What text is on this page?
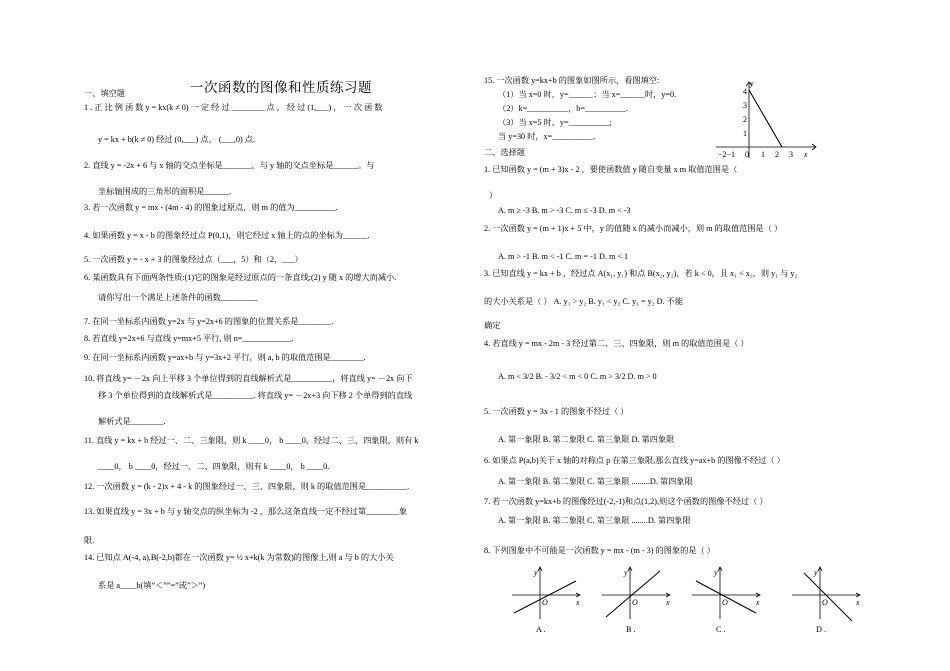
一次函数的图像和性质练习题
一、填空题
1 . 正 比 例 函 数 y = kx(k ≠ 0) 一 定 经 过 ________ 点 ， 经 过 (1,___) ， 一 次 函 数
y = kx + b(k ≠ 0) 经过 (0,___) 点， (___,0) 点.
2. 直线 y = -2x + 6 与 x 轴的交点坐标是_______，与 y 轴的交点坐标是______。与
坐标轴围成的三角形的面积是______.
3. 若一次函数 y = mx - (4m - 4) 的图象过原点，则 m 的值为__________.
4. 如果函数 y = x - b 的图象经过点 P(0,1)，则它经过 x 轴上的点的坐标为______.
5. 一次函数 y = - x + 3 的图象经过点（___，5）和（2，___）
6. 某函数具有下面两条性质:(1)它的图象是经过原点的一条直线;(2) y 随 x 的增大而减小.
请你写出一个满足上述条件的函数_________
7. 在同一坐标系内函数 y=2x 与 y=2x+6 的图象的位置关系是________.
8. 若直线 y=2x+6 与直线 y=mx+5 平行, 则 n=____________.
9. 在同一坐标系内函数 y=ax+b 与 y=3x+2 平行，则 a, b 的取值范围是________.
10. 将直线 y= －2x 向上平移 3 个单位得到的直线解析式是__________，将直线 y= －2x 向下
移 3 个单位得到的直线解析式是__________. 将直线 y= －2x+3 向下移 2 个单得到的直线
解析式是________.
11. 直线 y = kx + b 经过一、二、三象限，则 k ____0， b ____0，经过二、三、四象限，则有 k
____0， b ____0，经过一、二、四象限，则有 k ____0， b ____0.
12. 一次函数 y = (k - 2)x + 4 - k 的图象经过一、三、四象限，则 k 的取值范围是__________.
13. 如果直线 y = 3x + b 与 y 轴交点的纵坐标为 -2 ，那么这条直线一定不经过第________象
限.
14. 已知点 A(-4, a),B(-2,b)都在一次函数 y= ½ x+k(k 为常数)的图像上,则 a 与 b 的大小关
系是 a____b(填”＜””=”或”＞”)
15. 一次函数 y=kx+b 的图象如图所示，看图填空:
（1）当 x=0 时，y=______；当 x=______时，y=0.
（2）k=__________，b=__________.
（3）当 x=5 时，y=__________;
当 y=30 时，x=__________.
二、选择题
1. 已知函数 y = (m + 3)x - 2 ，要使函数值 y 随自变量 x m 取值范围是（
）
A. m ≥ -3 B. m > -3 C. m ≤ -3 D. m < -3
2. 一次函数 y = (m + 1)x + 5 中，y 的值随 x 的减小而减小，则 m 的取值范围是（ ）
A. m > -1 B. m < -1 C. m = -1 D. m < 1
3. 已知直线 y = kx + b ，经过点 A(x₁, y₁) 和点 B(x₂, y₂)，若 k < 0，且 x₁ < x₂，则 y₁ 与 y₂
的大小关系是（ ） A. y₁ > y₂ B. y₁ < y₂ C. y₁ = y₂ D. 不能
确定
4. 若直线 y = mx - 2m - 3 经过第二、三、四象限，则 m 的取值范围是（ ）
A. m < 3/2 B. - 3/2 < m < 0 C. m > 3/2 D. m > 0
5. 一次函数 y = 3x - 1 的图象不经过（ ）
A. 第一象限 B. 第二象限 C. 第三象限 D. 第四象限
6. 如果点 P(a,b)关于 x 轴的对称点 p 在第三象限,那么直线 y=ax+b 的图像不经过（ ）
A. 第一象限 B. 第二象限 C. 第三象限 .........D. 第四象限
7. 若一次函数 y=kx+b 的图像经过(-2,-1)和点(1,2),则这个函数的图像不经过（ ）
A. 第一象限 B. 第二象限 C. 第三象限 ........D. 第四象限
8. 下列图象中不可能是一次函数 y = mx - (m - 3) 的图象的是（ ）
4
3
2
1
y
−2−1 0 1 2 3 x
y
x
O
A .
y
x
O
B .
y
x
O
C .
y
x
O
D .
